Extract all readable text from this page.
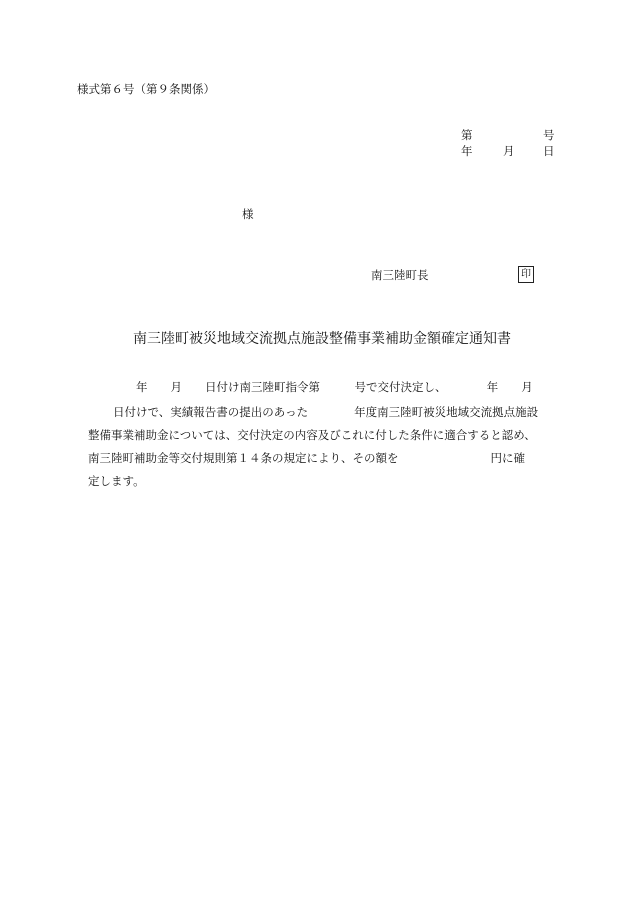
様式第６号（第９条関係）
第	号
年	月 日
様
南三陸町長	印
南三陸町被災地域交流拠点施設整備事業補助金額確定通知書
年　　月　　日付け南三陸町指令第　　　号で交付決定し、　　　　年　　月
日付けで、実績報告書の提出のあった　　　　年度南三陸町被災地域交流拠点施設
整備事業補助金については、交付決定の内容及びこれに付した条件に適合すると認め、
南三陸町補助金等交付規則第１４条の規定により、その額を　　　　　　　　円に確
定します。
